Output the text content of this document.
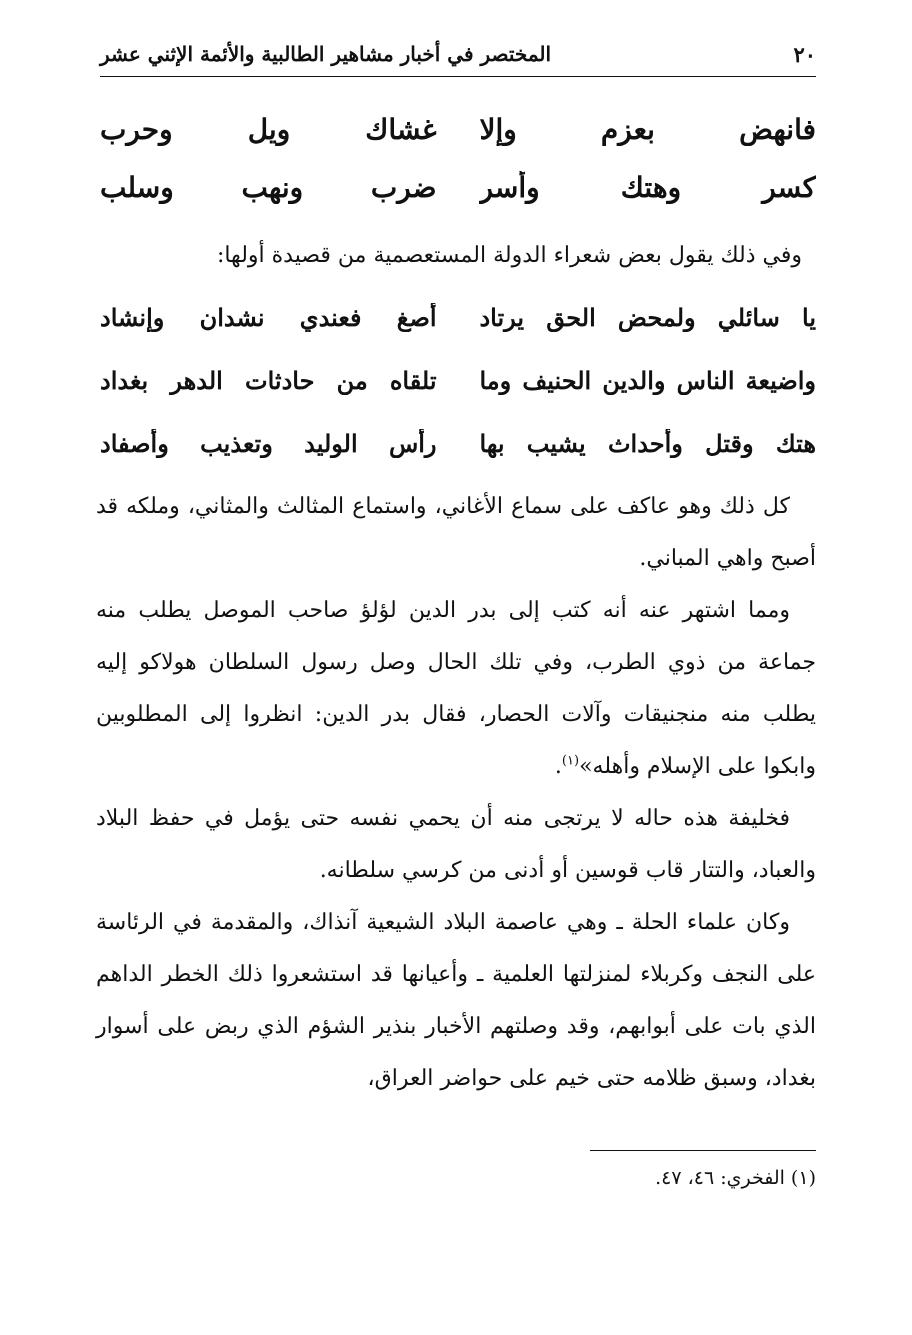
٢٠
المختصر في أخبار مشاهير الطالبية والأئمة الإثني عشر
فانهض بعزم وإلا
غشاك ويل وحرب
كسر وهتك وأسر
ضرب ونهب وسلب
وفي ذلك يقول بعض شعراء الدولة المستعصمية من قصيدة أولها:
يا سائلي ولمحض الحق يرتاد
أصغ فعندي نشدان وإنشاد
واضيعة الناس والدين الحنيف وما
تلقاه من حادثات الدهر بغداد
هتك وقتل وأحداث يشيب بها
رأس الوليد وتعذيب وأصفاد

كل ذلك وهو عاكف على سماع الأغاني، واستماع المثالث والمثاني، وملكه قد أصبح واهي المباني.

ومما اشتهر عنه أنه كتب إلى بدر الدين لؤلؤ صاحب الموصل يطلب منه جماعة من ذوي الطرب، وفي تلك الحال وصل رسول السلطان هولاكو إليه يطلب منه منجنيقات وآلات الحصار، فقال بدر الدين: انظروا إلى المطلوبين وابكوا على الإسلام وأهله»$^{(١)}$.

فخليفة هذه حاله لا يرتجى منه أن يحمي نفسه حتى يؤمل في حفظ البلاد والعباد، والتتار قاب قوسين أو أدنى من كرسي سلطانه.

وكان علماء الحلة ـ وهي عاصمة البلاد الشيعية آنذاك، والمقدمة في الرئاسة على النجف وكربلاء لمنزلتها العلمية ـ وأعيانها قد استشعروا ذلك الخطر الداهم الذي بات على أبوابهم، وقد وصلتهم الأخبار بنذير الشؤم الذي ربض على أسوار بغداد، وسبق ظلامه حتى خيم على حواضر العراق،

(١) الفخري: ٤٦، ٤٧.
